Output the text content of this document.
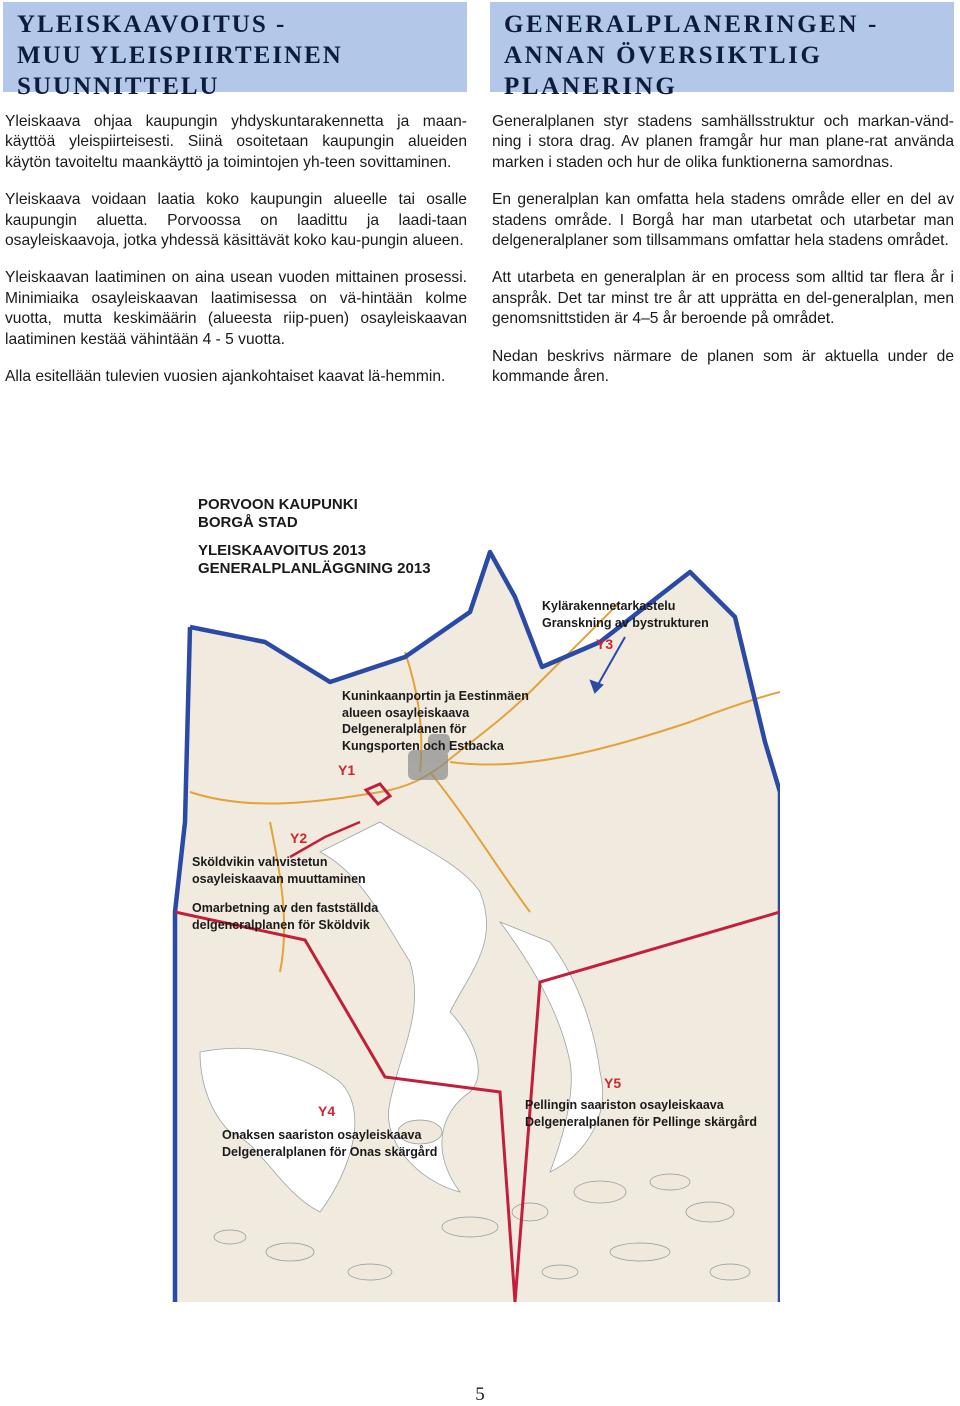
YLEISKAAVOITUS -
MUU YLEISPIIRTEINEN
SUUNNITTELU

Yleiskaava ohjaa kaupungin yhdyskuntarakennetta ja maan-käyttöä yleispiirteisesti. Siinä osoitetaan kaupungin alueiden käytön tavoiteltu maankäyttö ja toimintojen yh-teen sovittaminen.

Yleiskaava voidaan laatia koko kaupungin alueelle tai osalle kaupungin aluetta. Porvoossa on laadittu ja laadi-taan osayleiskaavoja, jotka yhdessä käsittävät koko kau-pungin alueen.

Yleiskaavan laatiminen on aina usean vuoden mittainen prosessi. Minimiaika osayleiskaavan laatimisessa on vä-hintään kolme vuotta, mutta keskimäärin (alueesta riip-puen) osayleiskaavan laatiminen kestää vähintään 4 - 5 vuotta.

Alla esitellään tulevien vuosien ajankohtaiset kaavat lä-hemmin.

GENERALPLANERINGEN -
ANNAN ÖVERSIKTLIG
PLANERING

Generalplanen styr stadens samhällsstruktur och markan-vänd-ning i stora drag. Av planen framgår hur man plane-rat använda marken i staden och hur de olika funktionerna samordnas.

En generalplan kan omfatta hela stadens område eller en del av stadens område. I Borgå har man utarbetat och utarbetar man delgeneralplaner som tillsammans omfattar hela stadens området.

Att utarbeta en generalplan är en process som alltid tar flera år i anspråk. Det tar minst tre år att upprätta en del-generalplan, men genomsnittstiden är 4–5 år beroende på området.

Nedan beskrivs närmare de planen som är aktuella under de kommande åren.

PORVOON KAUPUNKI
BORGÅ STAD
YLEISKAAVOITUS 2013
GENERALPLANLÄGGNING 2013
Kylärakennetarkastelu
Granskning av bystrukturen
Y3
Kuninkaanportin ja Eestinmäen
alueen osayleiskaava
Delgeneralplanen för
Kungsporten och Estbacka
Y1
Y2
Sköldvikin vahvistetun
osayleiskaavan muuttaminen
Omarbetning av den fastställda
delgeneralplanen för Sköldvik
Y5
Pellingin saariston osayleiskaava
Delgeneralplanen för Pellinge skärgård
Y4
Onaksen saariston osayleiskaava
Delgeneralplanen för Onas skärgård
5
